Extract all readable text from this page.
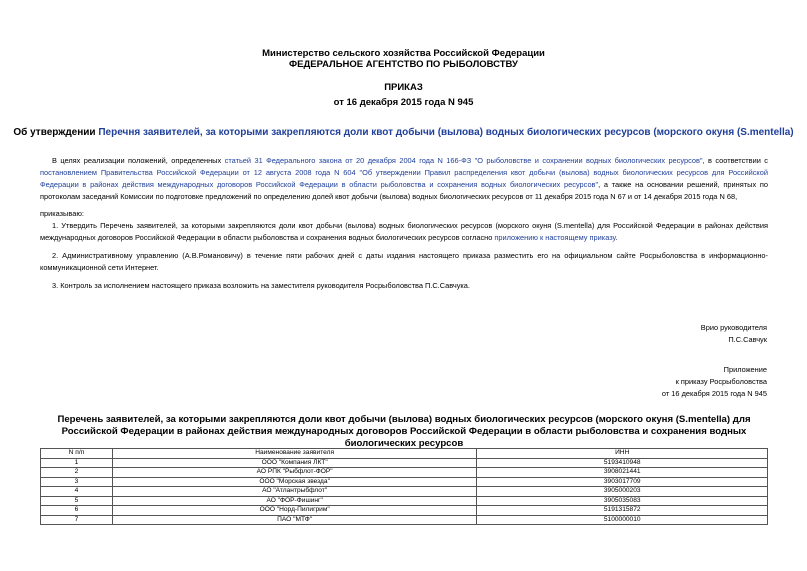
Министерство сельского хозяйства Российской Федерации
ФЕДЕРАЛЬНОЕ АГЕНТСТВО ПО РЫБОЛОВСТВУ
ПРИКАЗ
от 16 декабря 2015 года N 945
Об утверждении Перечня заявителей, за которыми закрепляются доли квот добычи (вылова) водных биологических ресурсов (морского окуня (S.mentella)
В целях реализации положений, определенных статьей 31 Федерального закона от 20 декабря 2004 года N 166-ФЗ "О рыболовстве и сохранении водных биологических ресурсов", в соответствии с постановлением Правительства Российской Федерации от 12 августа 2008 года N 604 "Об утверждении Правил распределения квот добычи (вылова) водных биологических ресурсов для Российской Федерации в районах действия международных договоров Российской Федерации в области рыболовства и сохранения водных биологических ресурсов", а также на основании решений, принятых по протоколам заседаний Комиссии по подготовке предложений по определению долей квот добычи (вылова) водных биологических ресурсов от 11 декабря 2015 года N 67 и от 14 декабря 2015 года N 68,
приказываю:
1. Утвердить Перечень заявителей, за которыми закрепляются доли квот добычи (вылова) водных биологических ресурсов (морского окуня (S.mentella) для Российской Федерации в районах действия международных договоров Российской Федерации в области рыболовства и сохранения водных биологических ресурсов согласно приложению к настоящему приказу.
2. Административному управлению (А.В.Романовичу) в течение пяти рабочих дней с даты издания настоящего приказа разместить его на официальном сайте Росрыболовства в информационно-коммуникационной сети Интернет.
3. Контроль за исполнением настоящего приказа возложить на заместителя руководителя Росрыболовства П.С.Савчука.
Врио руководителя
П.С.Савчук
Приложение
к приказу Росрыболовства
от 16 декабря 2015 года N 945
Перечень заявителей, за которыми закрепляются доли квот добычи (вылова) водных биологических ресурсов (морского окуня (S.mentella) для Российской Федерации в районах действия международных договоров Российской Федерации в области рыболовства и сохранения водных биологических ресурсов
N п/п	Наименование заявителя	ИНН
1	ООО "Компания ЛКТ"	5193410948
2	АО РПК "Рыбфлот-ФОР"	3908021441
3	ООО "Морская звезда"	3903017709
4	АО "Атлантрыбфлот"	3905000203
5	АО "ФОР-Фишинг"	3905035083
6	ООО "Норд-Пилигрим"	5191315872
7	ПАО "МТФ"	5100000010
